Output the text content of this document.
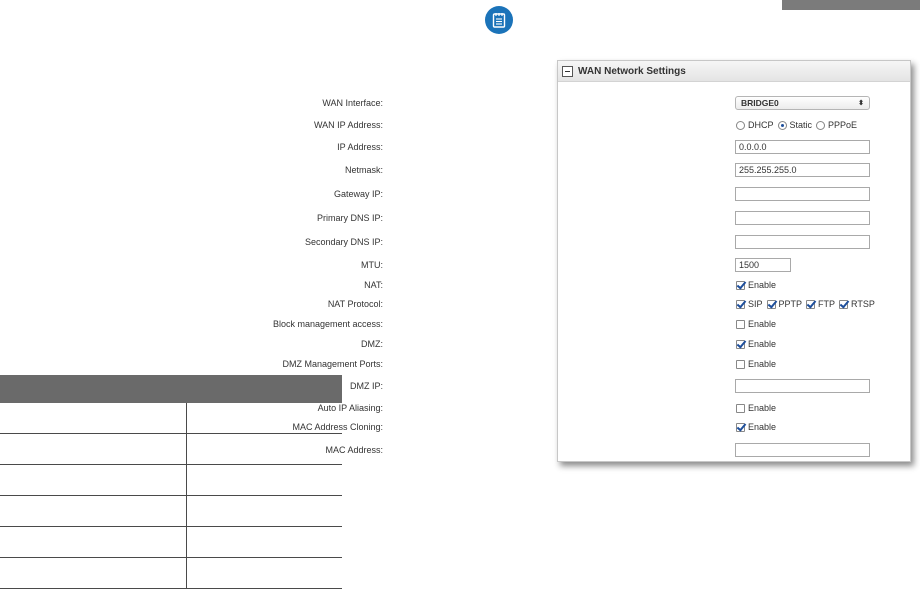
WAN Network Settings
WAN Interface:	BRIDGE0	⬍
WAN IP Address:	DHCP Static PPPoE
IP Address:	0.0.0.0
Netmask:	255.255.255.0
Gateway IP:
Primary DNS IP:
Secondary DNS IP:
MTU:	1500
NAT:	Enable
NAT Protocol:	SIP PPTP FTP RTSP
Block management access:	Enable
DMZ:	Enable
DMZ Management Ports:	Enable
DMZ IP:
Auto IP Aliasing:	Enable
MAC Address Cloning:	Enable
MAC Address:
